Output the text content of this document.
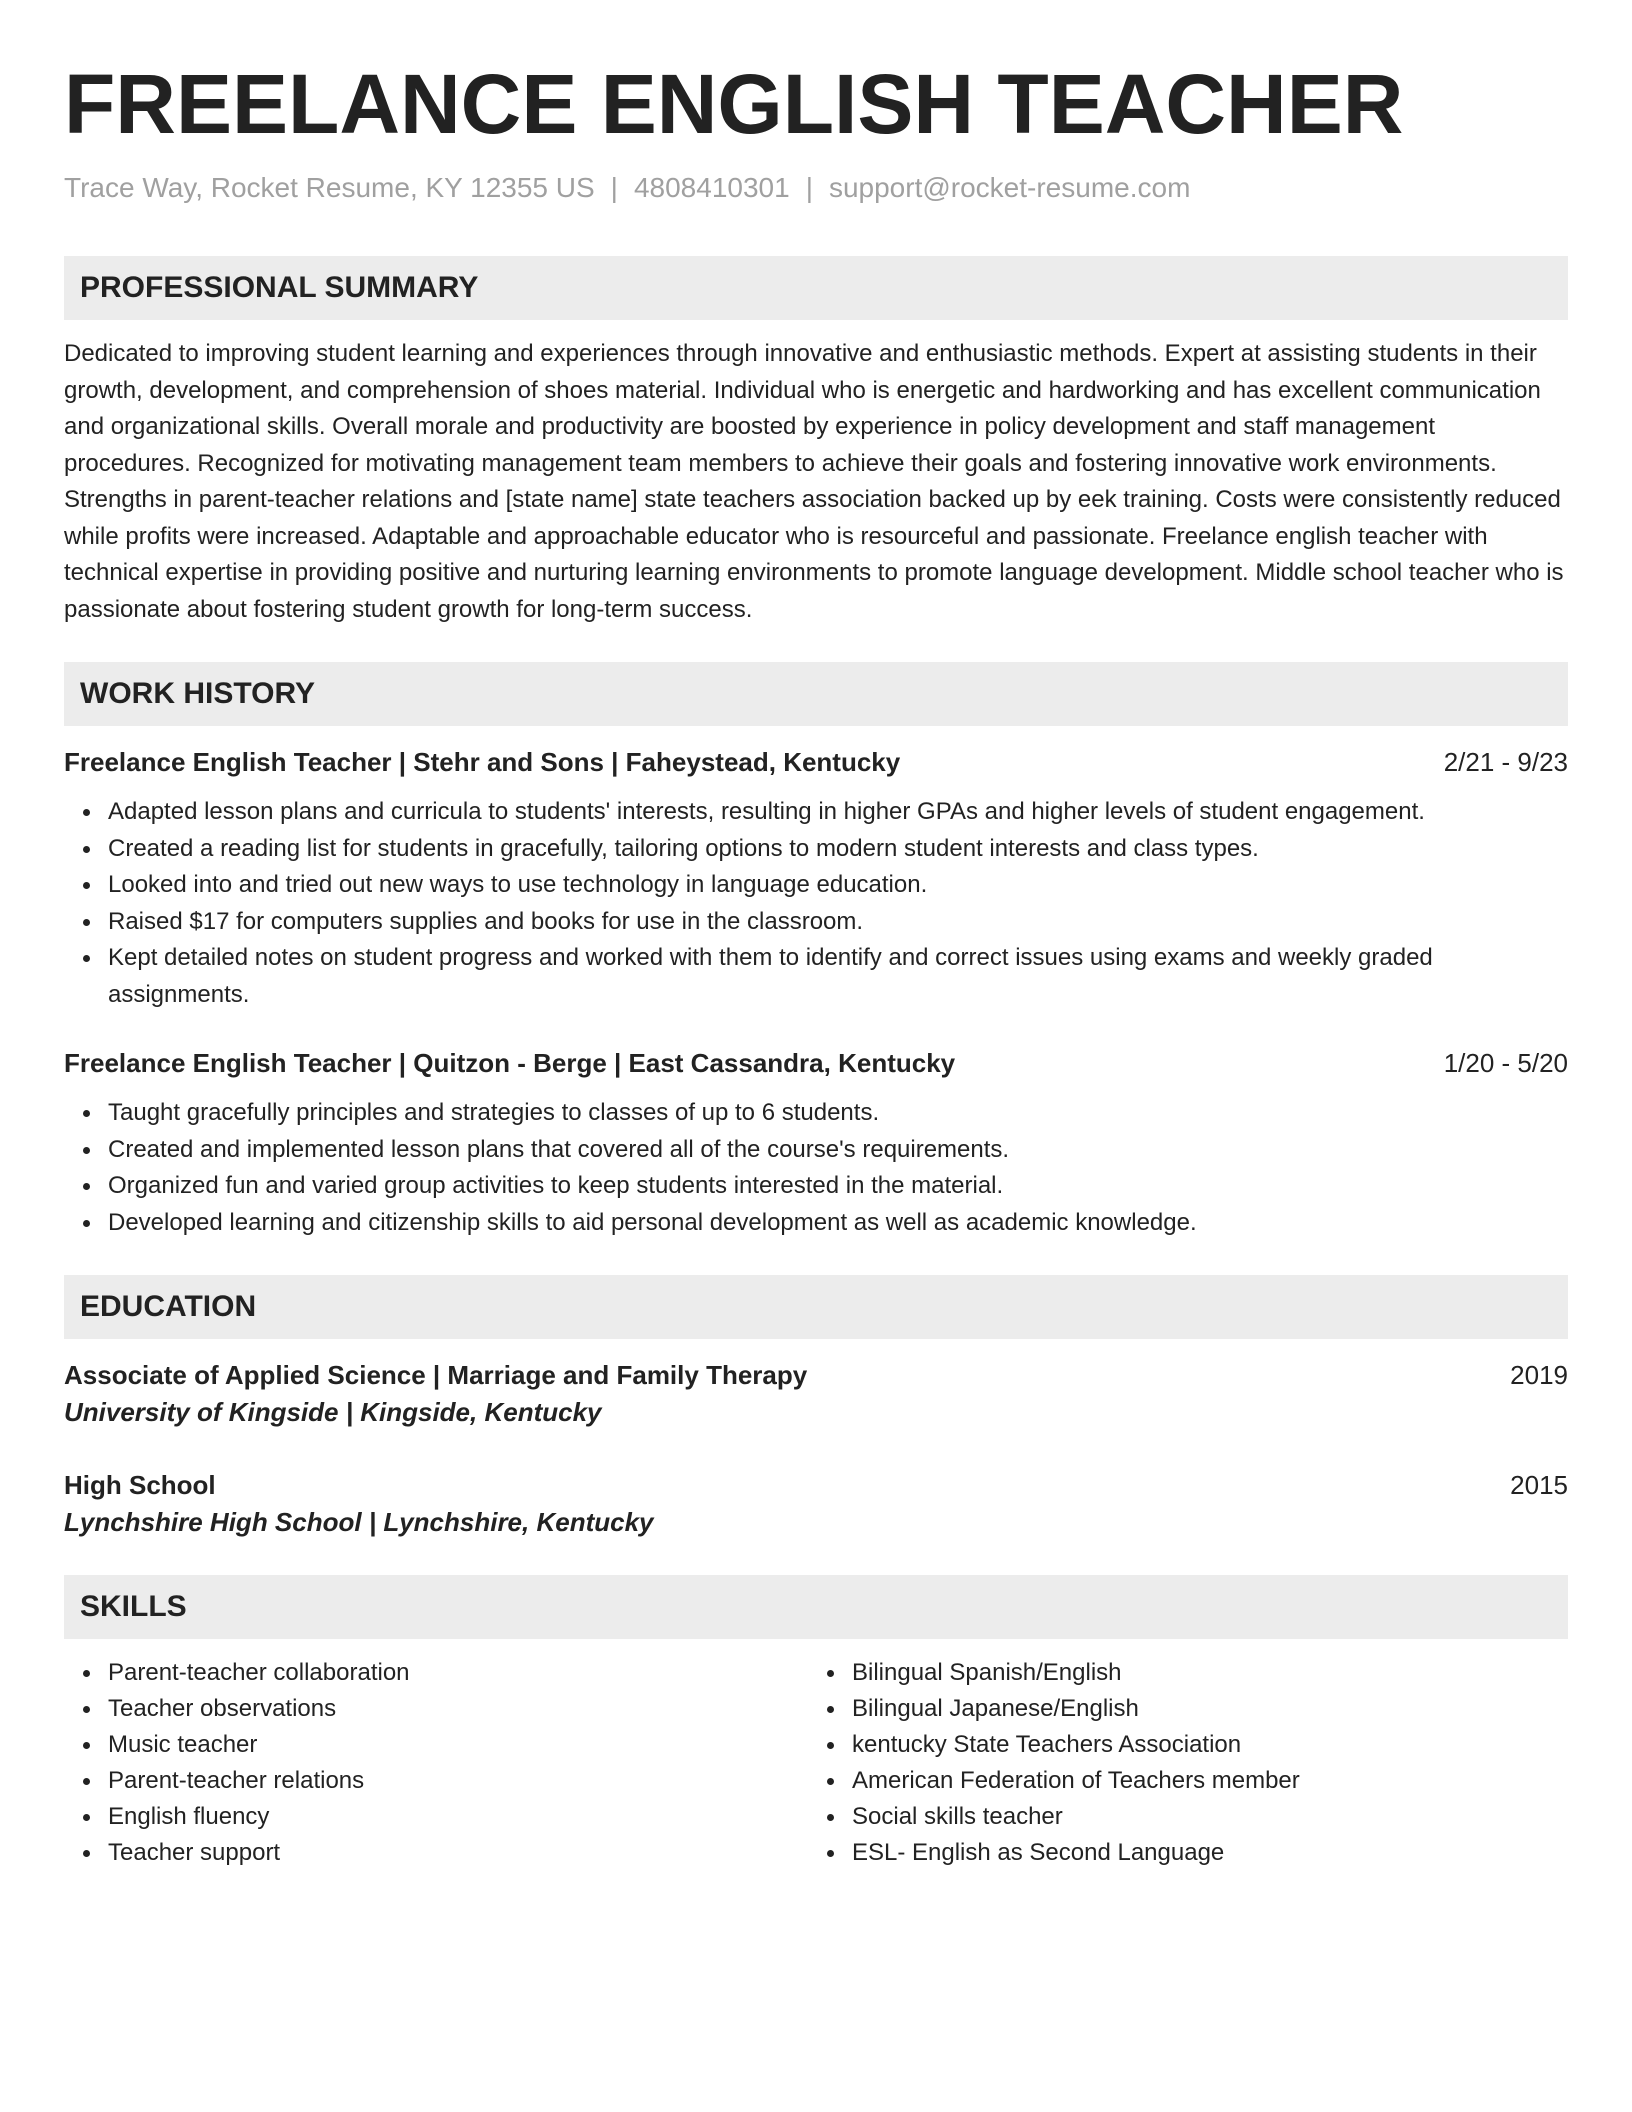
FREELANCE ENGLISH TEACHER
Trace Way, Rocket Resume, KY 12355 US | 4808410301 | support@rocket-resume.com
PROFESSIONAL SUMMARY
Dedicated to improving student learning and experiences through innovative and enthusiastic methods. Expert at assisting students in their growth, development, and comprehension of shoes material. Individual who is energetic and hardworking and has excellent communication and organizational skills. Overall morale and productivity are boosted by experience in policy development and staff management procedures. Recognized for motivating management team members to achieve their goals and fostering innovative work environments. Strengths in parent-teacher relations and [state name] state teachers association backed up by eek training. Costs were consistently reduced while profits were increased. Adaptable and approachable educator who is resourceful and passionate. Freelance english teacher with technical expertise in providing positive and nurturing learning environments to promote language development. Middle school teacher who is passionate about fostering student growth for long-term success.
WORK HISTORY
Freelance English Teacher | Stehr and Sons | Faheystead, Kentucky	2/21 - 9/23
Adapted lesson plans and curricula to students' interests, resulting in higher GPAs and higher levels of student engagement.
Created a reading list for students in gracefully, tailoring options to modern student interests and class types.
Looked into and tried out new ways to use technology in language education.
Raised $17 for computers supplies and books for use in the classroom.
Kept detailed notes on student progress and worked with them to identify and correct issues using exams and weekly graded assignments.
Freelance English Teacher | Quitzon - Berge | East Cassandra, Kentucky	1/20 - 5/20
Taught gracefully principles and strategies to classes of up to 6 students.
Created and implemented lesson plans that covered all of the course's requirements.
Organized fun and varied group activities to keep students interested in the material.
Developed learning and citizenship skills to aid personal development as well as academic knowledge.
EDUCATION
Associate of Applied Science | Marriage and Family Therapy	2019
University of Kingside | Kingside, Kentucky
High School	2015
Lynchshire High School | Lynchshire, Kentucky
SKILLS
Parent-teacher collaboration
Teacher observations
Music teacher
Parent-teacher relations
English fluency
Teacher support
Bilingual Spanish/English
Bilingual Japanese/English
kentucky State Teachers Association
American Federation of Teachers member
Social skills teacher
ESL- English as Second Language
